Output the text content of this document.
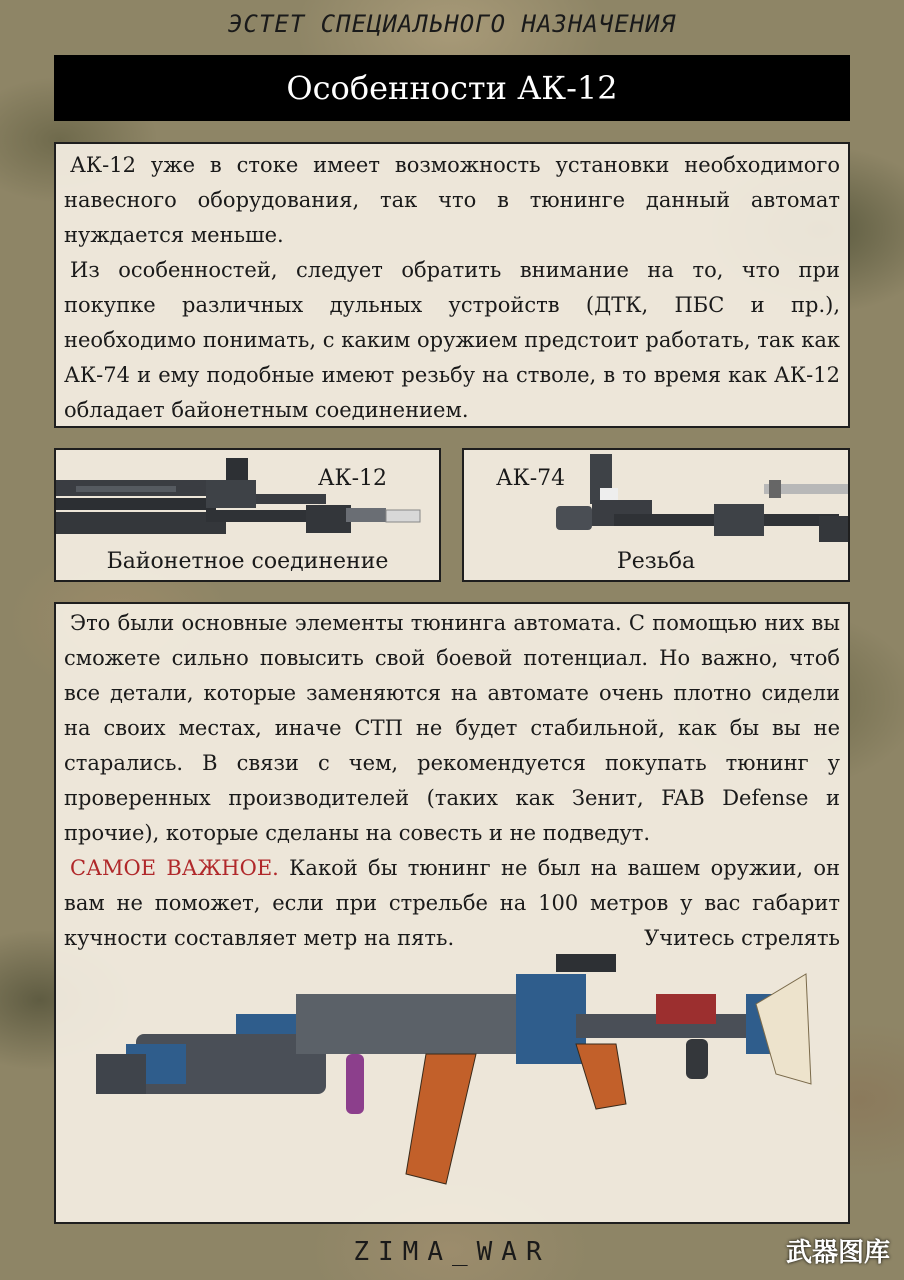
ЭСТЕТ СПЕЦИАЛЬНОГО НАЗНАЧЕНИЯ
Особенности АК-12

АК-12 уже в стоке имеет возможность установки необходимого навесного оборудования, так что в тюнинге данный автомат нуждается меньше.

Из особенностей, следует обратить внимание на то, что при покупке различных дульных устройств (ДТК, ПБС и пр.), необходимо понимать, с каким оружием предстоит работать, так как АК-74 и ему подобные имеют резьбу на стволе, в то время как АК-12 обладает байонетным соединением.

АК-12
Байонетное соединение
АК-74
Резьба

Это были основные элементы тюнинга автомата. С помощью них вы сможете сильно повысить свой боевой потенциал. Но важно, чтоб все детали, которые заменяются на автомате очень плотно сидели на своих местах, иначе СТП не будет стабильной, как бы вы не старались. В связи с чем, рекомендуется покупать тюнинг у проверенных производителей (таких как Зенит, FAB Defense и прочие), которые сделаны на совесть и не подведут.

САМОЕ ВАЖНОЕ. Какой бы тюнинг не был на вашем оружии, он вам не поможет, если при стрельбе на 100 метров у вас габарит кучности составляет метр на пять.	Учитесь стрелять

ZIMA_WAR	武器图库
